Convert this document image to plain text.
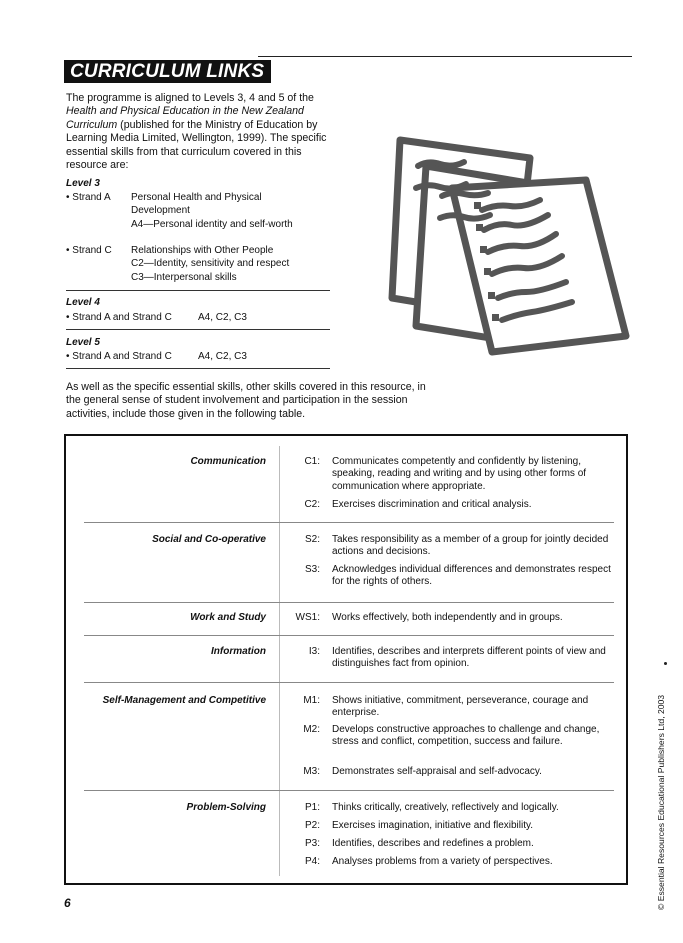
CURRICULUM LINKS
The programme is aligned to Levels 3, 4 and 5 of the Health and Physical Education in the New Zealand Curriculum (published for the Ministry of Education by Learning Media Limited, Wellington, 1999). The specific essential skills from that curriculum covered in this resource are:
Level 3
• Strand A Personal Health and Physical
Development
A4—Personal identity and self-worth
• Strand C Relationships with Other People
C2—Identity, sensitivity and respect
C3—Interpersonal skills
Level 4
• Strand A and Strand C	A4, C2, C3
Level 5
• Strand A and Strand C	A4, C2, C3
As well as the specific essential skills, other skills covered in this resource, in the general sense of student involvement and participation in the session activities, include those given in the following table.
Communication	C1: Communicates competently and confidently by listening, speaking, reading and writing and by using other forms of communication where appropriate.
C2: Exercises discrimination and critical analysis.
Social and Co-operative	S2: Takes responsibility as a member of a group for jointly decided actions and decisions.
S3: Acknowledges individual differences and demonstrates respect for the rights of others.
Work and Study	WS1: Works effectively, both independently and in groups.
Information	I3: Identifies, describes and interprets different points of view and distinguishes fact from opinion.
Self-Management and Competitive	M1: Shows initiative, commitment, perseverance, courage and enterprise.
M2: Develops constructive approaches to challenge and change, stress and conflict, competition, success and failure.
M3: Demonstrates self-appraisal and self-advocacy.
Problem-Solving	P1: Thinks critically, creatively, reflectively and logically.
P2: Exercises imagination, initiative and flexibility.
P3: Identifies, describes and redefines a problem.
P4: Analyses problems from a variety of perspectives.
6	© Essential Resources Educational Publishers Ltd, 2003
